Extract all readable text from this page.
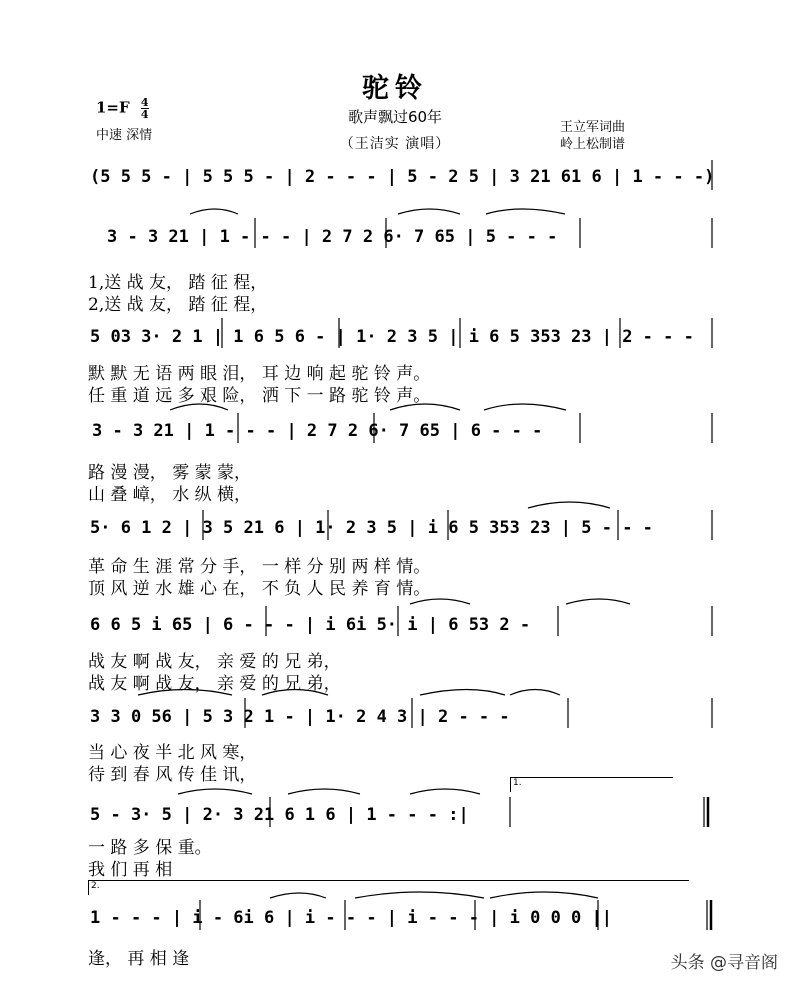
驼铃
歌声飘过60年
（王洁实 演唱）
$1=F \frac{4}{4}$
中速 深情
王立军词曲
岭上松制谱
(5 5 5 - | 5 5 5 - | 2 - - - | 5 - 2 5 | 3 21 61 6 | 1 - - -)
3 - 3 21 | 1 - - - | 2 7 2 6· 7 65 | 5 - - -
1,送 战 友， 踏 征 程，
2,送 战 友， 踏 征 程，
5 03 3· 2 1 | 1 6 5 6 - | 1· 2 3 5 | i 6 5 353 23 | 2 - - -
默 默 无 语 两 眼 泪， 耳 边 响 起 驼 铃 声。
任 重 道 远 多 艰 险， 洒 下 一 路 驼 铃 声。
3 - 3 21 | 1 - - - | 2 7 2 6· 7 65 | 6 - - -
路 漫 漫， 雾 蒙 蒙，
山 叠 嶂， 水 纵 横，
5· 6 1 2 | 3 5 21 6 | 1· 2 3 5 | i 6 5 353 23 | 5 - - -
革 命 生 涯 常 分 手， 一 样 分 别 两 样 情。
顶 风 逆 水 雄 心 在， 不 负 人 民 养 育 情。
6 6 5 i 65 | 6 - - - | i 6i 5· i | 6 53 2 -
战 友 啊 战 友， 亲 爱 的 兄 弟，
战 友 啊 战 友， 亲 爱 的 兄 弟，
3 3 0 56 | 5 3 2 1 - | 1· 2 4 3 | 2 - - -
当 心 夜 半 北 风 寒，
待 到 春 风 传 佳 讯，	1.
5 - 3· 5 | 2· 3 21 6 1 6 | 1 - - - :|
一 路 多 保 重。
我 们 再 相
2.
1 - - - | i - 6i 6 | i - - - | i - - - | i 0 0 0 ||
逢， 再 相 逢	头条 @寻音阁
